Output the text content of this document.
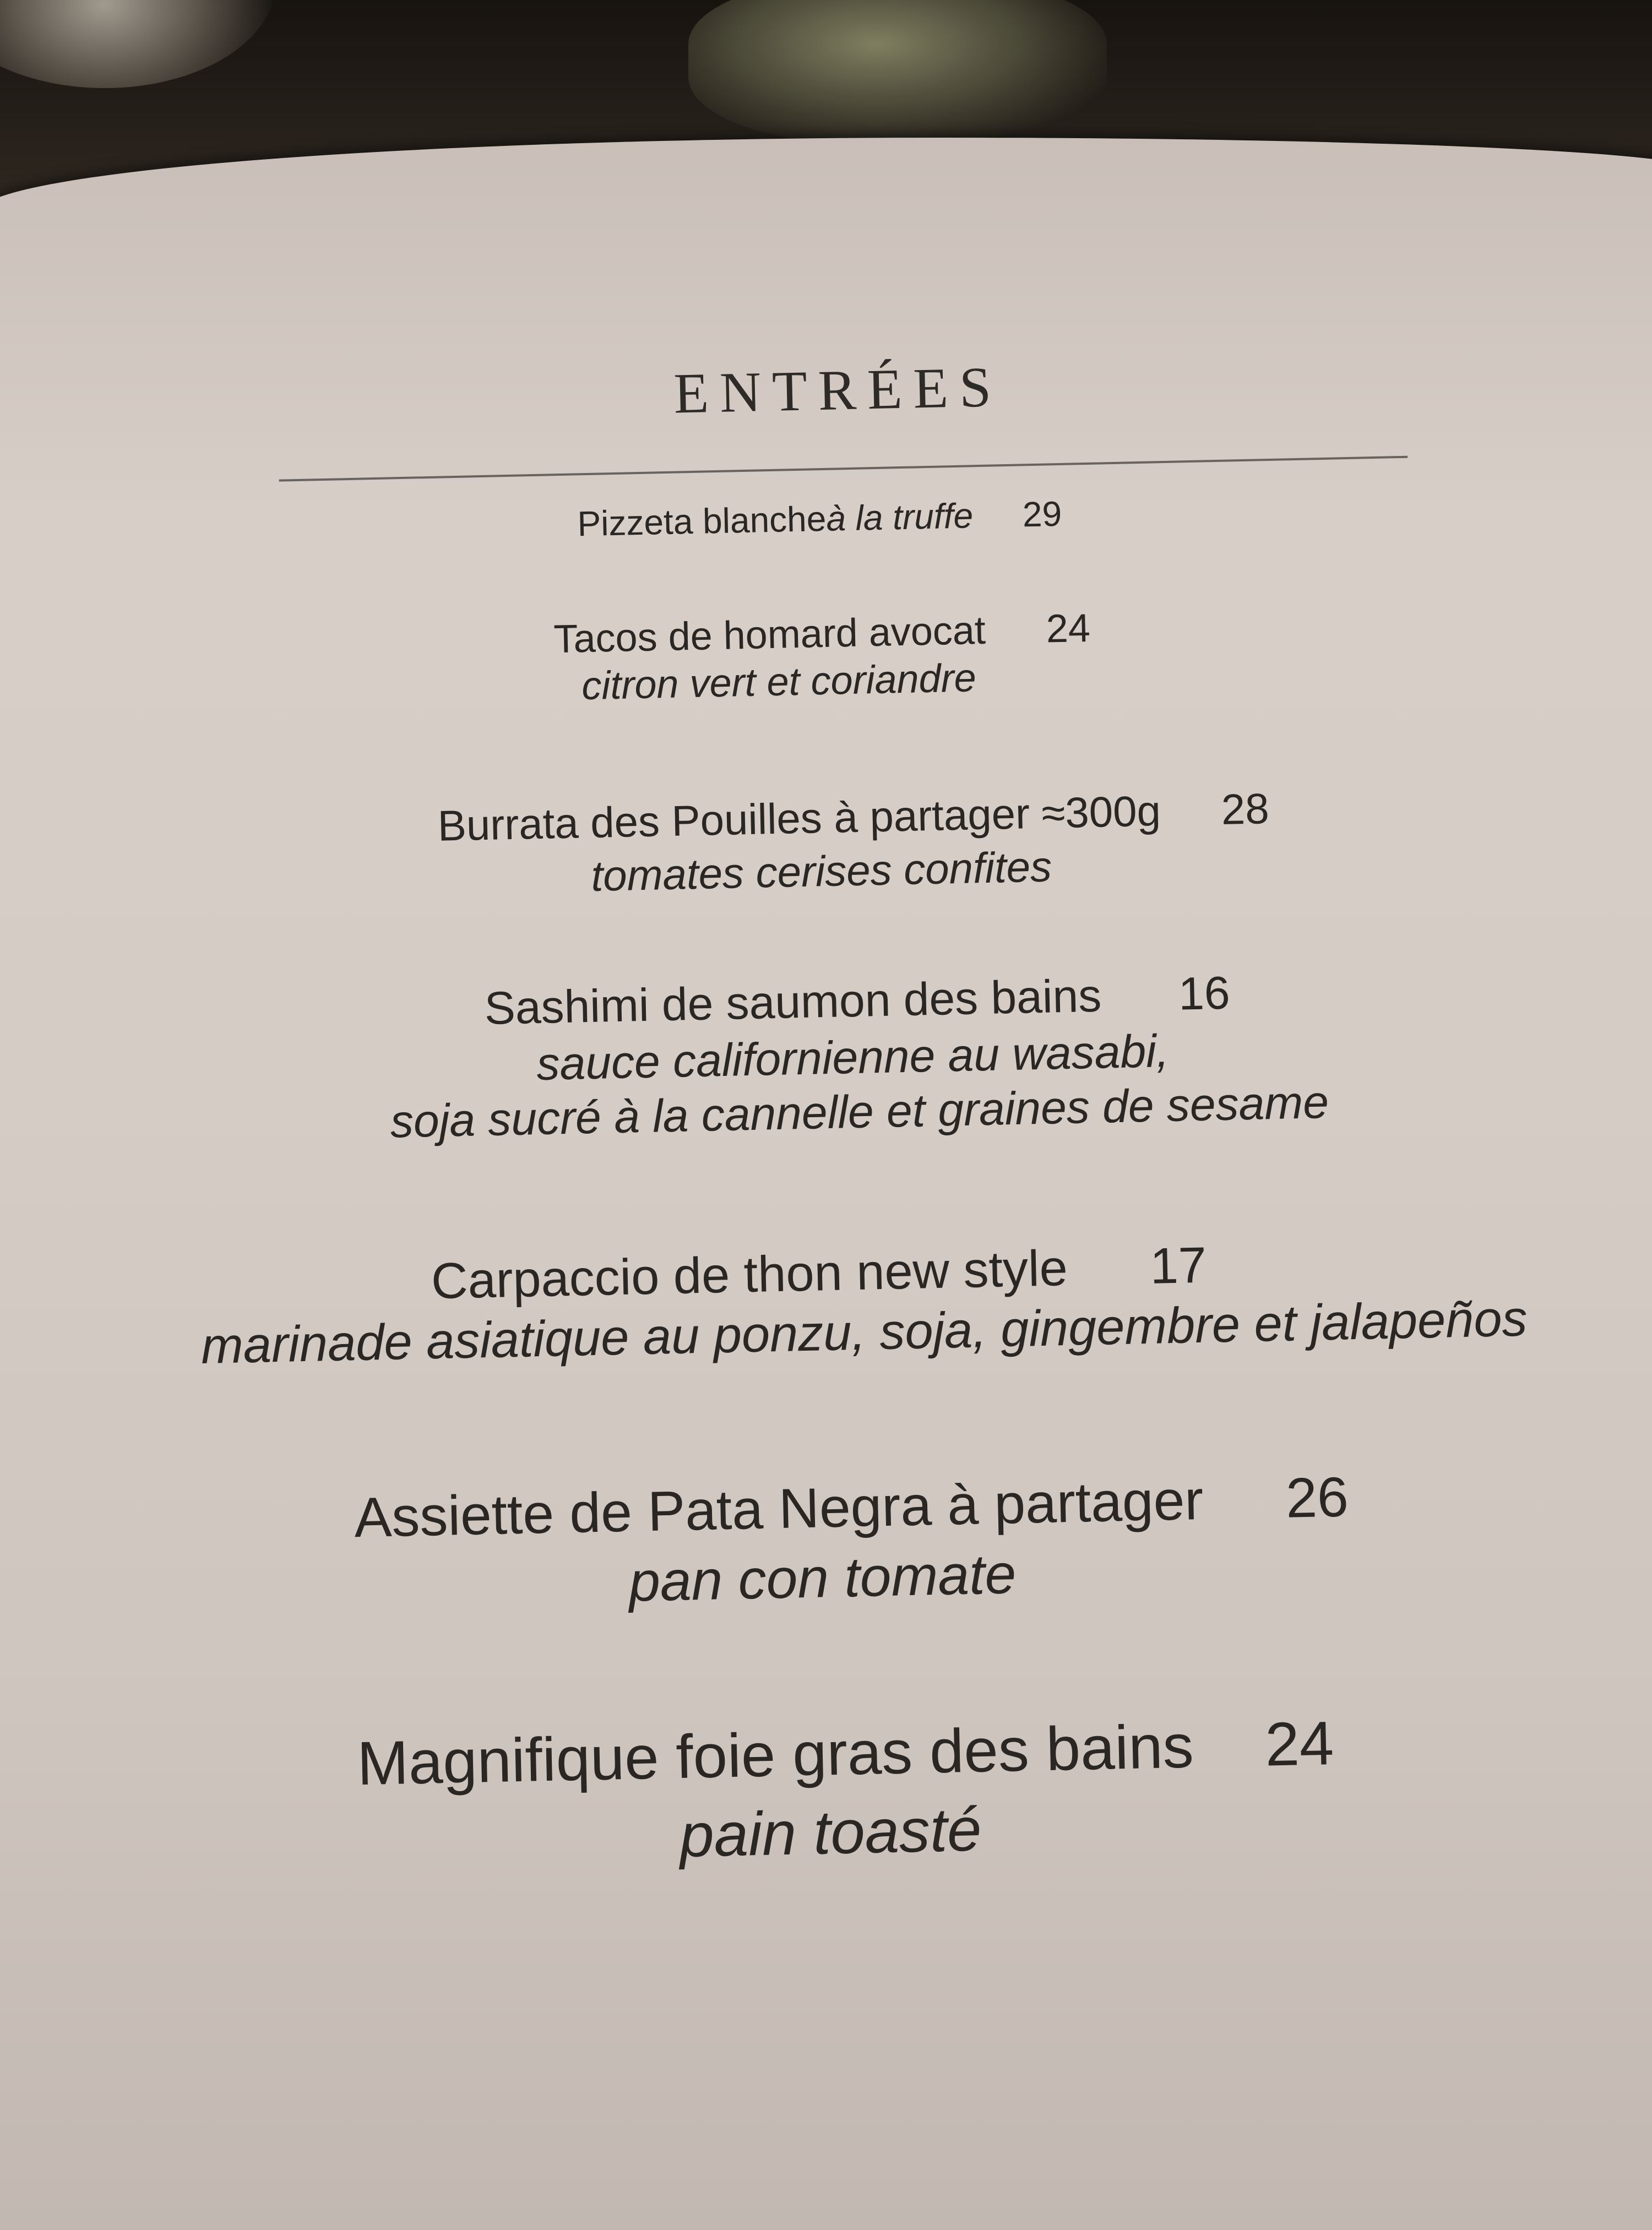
ENTRÉES
Pizzeta blancheà la truffe 29
Tacos de homard avocat 24
citron vert et coriandre
Burrata des Pouilles à partager ≈300g 28
tomates cerises confites
Sashimi de saumon des bains 16
sauce californienne au wasabi,
soja sucré à la cannelle et graines de sesame
Carpaccio de thon new style 17
marinade asiatique au ponzu, soja, gingembre et jalapeños
Assiette de Pata Negra à partager 26
pan con tomate
Magnifique foie gras des bains 24
pain toasté
